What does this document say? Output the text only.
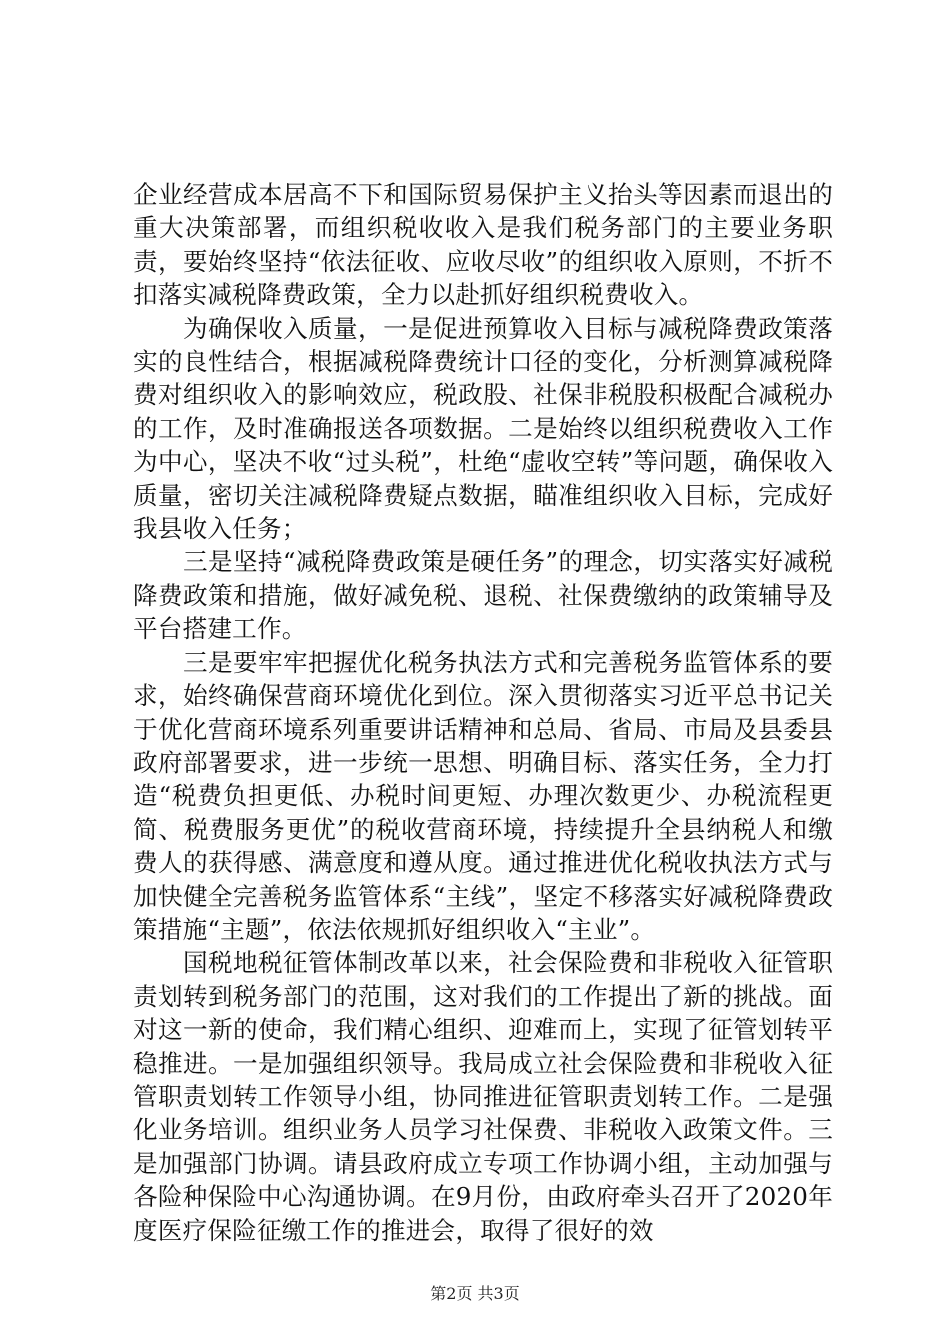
企业经营成本居高不下和国际贸易保护主义抬头等因素而退出的重大决策部署，而组织税收收入是我们税务部门的主要业务职责，要始终坚持“依法征收、应收尽收”的组织收入原则，不折不扣落实减税降费政策，全力以赴抓好组织税费收入。

为确保收入质量，一是促进预算收入目标与减税降费政策落实的良性结合，根据减税降费统计口径的变化，分析测算减税降费对组织收入的影响效应，税政股、社保非税股积极配合减税办的工作，及时准确报送各项数据。二是始终以组织税费收入工作为中心，坚决不收“过头税”，杜绝“虚收空转”等问题，确保收入质量，密切关注减税降费疑点数据，瞄准组织收入目标，完成好我县收入任务；

三是坚持“减税降费政策是硬任务”的理念，切实落实好减税降费政策和措施，做好减免税、退税、社保费缴纳的政策辅导及平台搭建工作。

三是要牢牢把握优化税务执法方式和完善税务监管体系的要求，始终确保营商环境优化到位。深入贯彻落实习近平总书记关于优化营商环境系列重要讲话精神和总局、省局、市局及县委县政府部署要求，进一步统一思想、明确目标、落实任务，全力打造“税费负担更低、办税时间更短、办理次数更少、办税流程更简、税费服务更优”的税收营商环境，持续提升全县纳税人和缴费人的获得感、满意度和遵从度。通过推进优化税收执法方式与加快健全完善税务监管体系“主线”，坚定不移落实好减税降费政策措施“主题”，依法依规抓好组织收入“主业”。

国税地税征管体制改革以来，社会保险费和非税收入征管职责划转到税务部门的范围，这对我们的工作提出了新的挑战。面对这一新的使命，我们精心组织、迎难而上，实现了征管划转平稳推进。一是加强组织领导。我局成立社会保险费和非税收入征管职责划转工作领导小组，协同推进征管职责划转工作。二是强化业务培训。组织业务人员学习社保费、非税收入政策文件。三是加强部门协调。请县政府成立专项工作协调小组，主动加强与各险种保险中心沟通协调。在9月份，由政府牵头召开了2020年度医疗保险征缴工作的推进会，取得了很好的效

第2页 共3页
